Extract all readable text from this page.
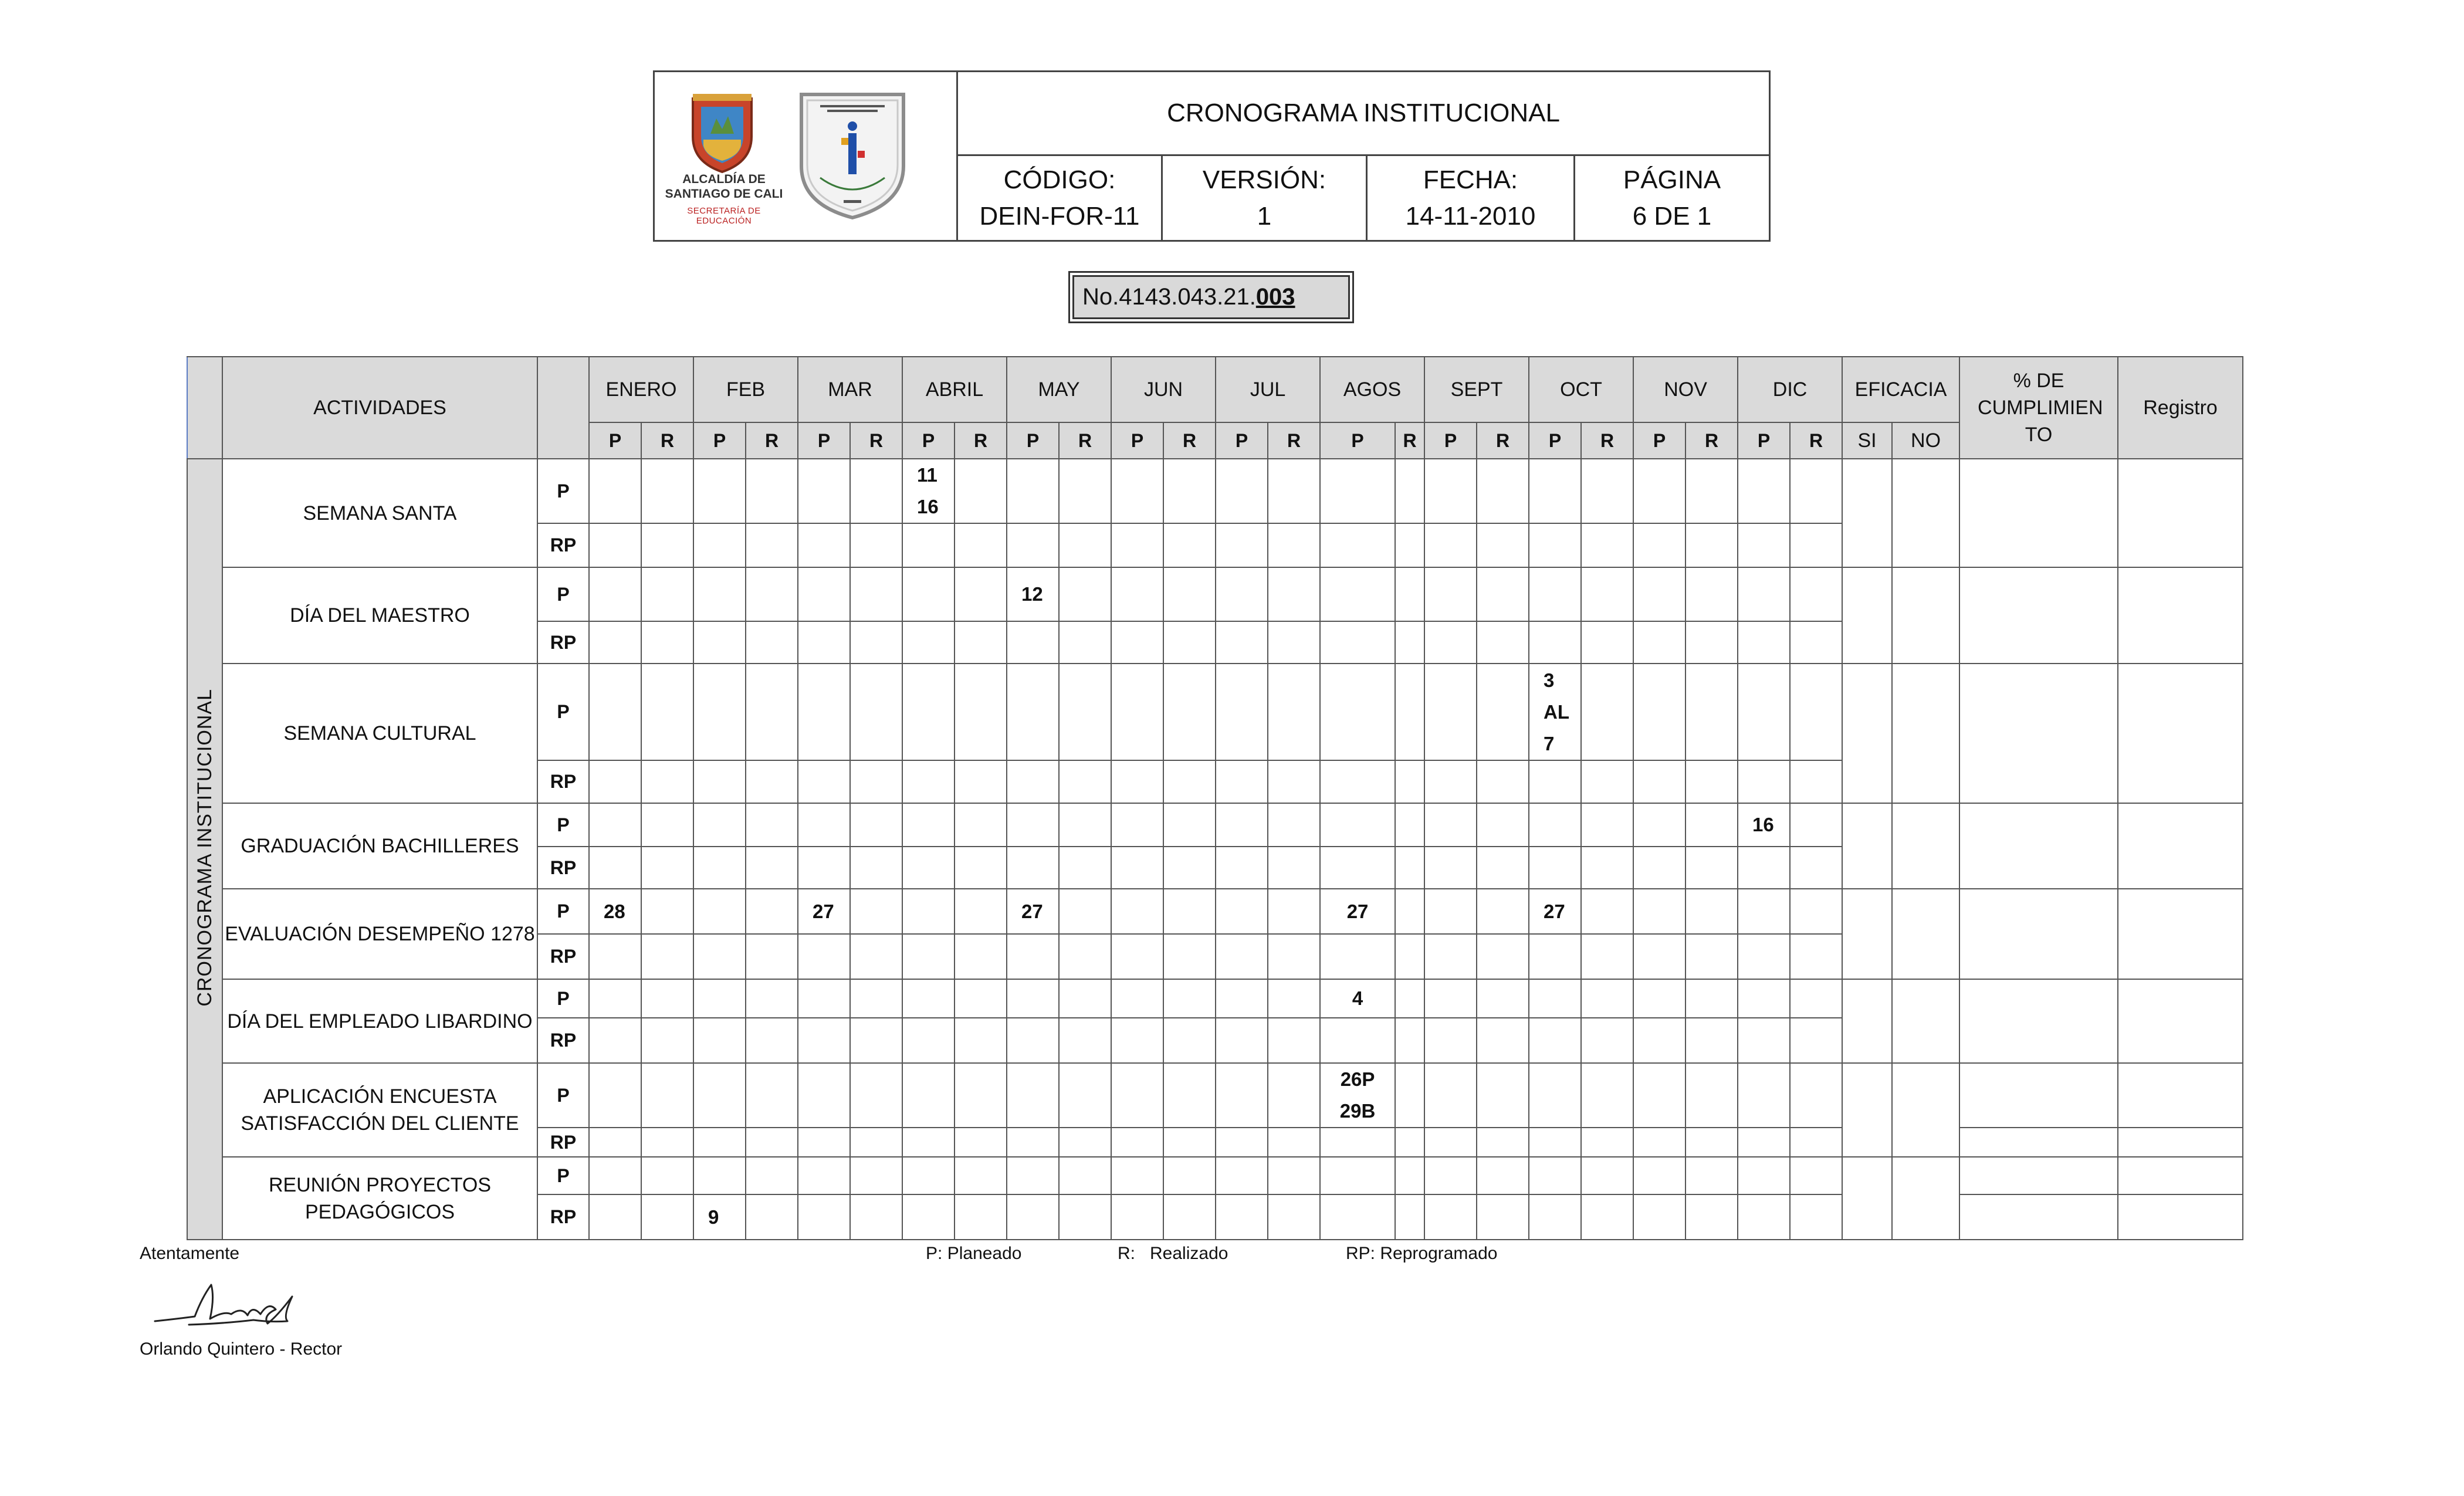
ALCALDÍA DE
SANTIAGO DE CALI
SECRETARÍA DE EDUCACIÓN
CRONOGRAMA INSTITUCIONAL
CÓDIGO:
DEIN-FOR-11
VERSIÓN:
1
FECHA:
14-11-2010
PÁGINA
6 DE 1
No.4143.043.21. 003
	ACTIVIDADES		ENERO		FEB		MAR		ABRIL		MAY		JUN		JUL		AGOS		SEPT		OCT		NOV		DIC		EFICACIA		% DE CUMPLIMIEN TO	Registro
			P	R	P	R	P	R	P	R	P	R	P	R	P	R	P	R	P	R	P	R	P	R	P	R	SI	NO		
CRONOGRAMA INSTITUCIONAL	SEMANA SANTA	P							11
16																					
		RP																												
	DÍA DEL MAESTRO	P									12																			
		RP																												
	SEMANA CULTURAL	P																			3
AL
7									
		RP																												
	GRADUACIÓN BACHILLERES	P																							16					
		RP																												
	EVALUACIÓN DESEMPEÑO 1278	P	28				27				27						27				27									
		RP																												
	DÍA DEL EMPLEADO LIBARDINO	P															4													
		RP																												
	APLICACIÓN ENCUESTA SATISFACCIÓN DEL CLIENTE	P															26P
29B													
		RP																												
	REUNIÓN PROYECTOS PEDAGÓGICOS	P																												
		RP			9																									
Atentamente
Orlando Quintero - Rector
P: Planeado	R: Realizado	RP: Reprogramado
